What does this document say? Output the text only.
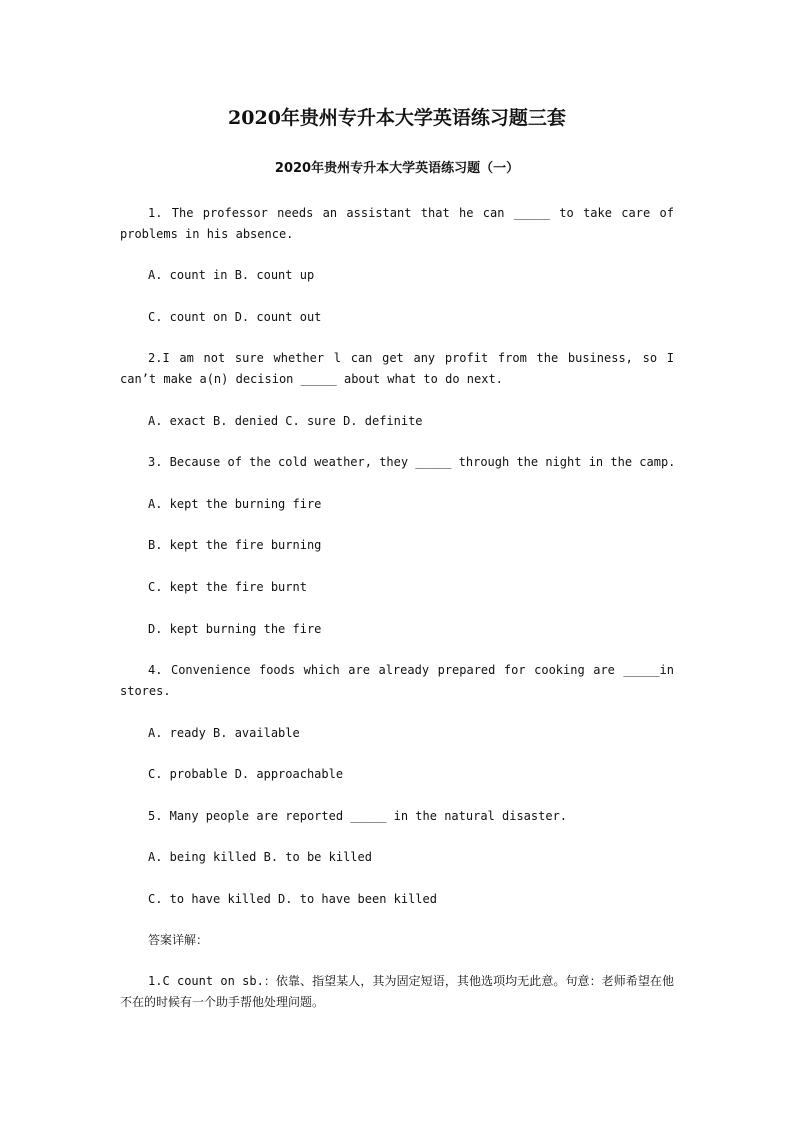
2020年贵州专升本大学英语练习题三套
2020年贵州专升本大学英语练习题（一）
1. The professor needs an assistant that he can _____ to take care of problems in his absence.
A. count in B. count up
C. count on D. count out
2.I am not sure whether l can get any profit from the business, so I can’t make a(n) decision _____ about what to do next.
A. exact B. denied C. sure D. definite
3. Because of the cold weather, they _____ through the night in the camp.
A. kept the burning fire
B. kept the fire burning
C. kept the fire burnt
D. kept burning the fire
4. Convenience foods which are already prepared for cooking are _____in stores.
A. ready B. available
C. probable D. approachable
5. Many people are reported _____ in the natural disaster.
A. being killed B. to be killed
C. to have killed D. to have been killed
答案详解：
1.C count on sb.：依靠、指望某人，其为固定短语，其他选项均无此意。句意：老师希望在他不在的时候有一个助手帮他处理问题。
